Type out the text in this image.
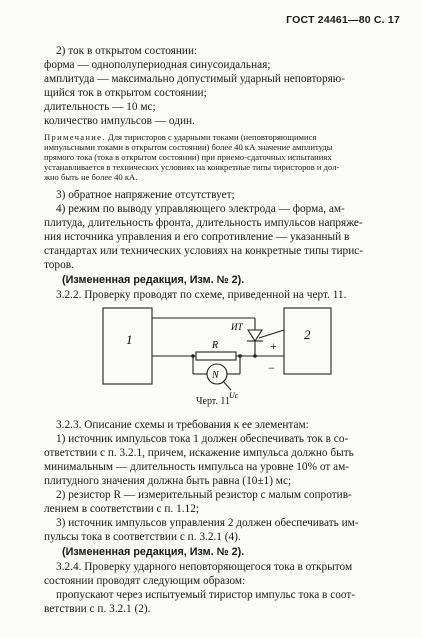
ГОСТ 24461—80 С. 17
2) ток в открытом состоянии:
форма — однополупериодная синусоидальная;
амплитуда — максимально допустимый ударный неповторяю-
щийся ток в открытом состоянии;
длительность — 10 мс;
количество импульсов — один.
Примечание. Для тиристоров с ударными токами (неповторяющимися
импульсными токами в открытом состоянии) более 40 кА значение амплитуды
прямого тока (тока в открытом состоянии) при приемо-сдаточных испытаниях
устанавливается в технических условиях на конкретные типы тиристоров и дол-
жно быть не более 40 кА.
3) обратное напряжение отсутствует;
4) режим по выводу управляющего электрода — форма, ам-
плитуда, длительность фронта, длительность импульсов напряже-
ния источника управления и его сопротивление — указанный в
стандартах или технических условиях на конкретные типы тирис-
торов.
(Измененная редакция, Изм. № 2).
3.2.2. Проверку проводят по схеме, приведенной на черт. 11.
1	2
ИТ
R	+
−
N
Uc
Черт. 11
3.2.3. Описание схемы и требования к ее элементам:
1) источник импульсов тока 1 должен обеспечивать ток в со-
ответствии с п. 3.2.1, причем, искажение импульса должно быть
минимальным — длительность импульса на уровне 10% от ам-
плитудного значения должна быть равна (10±1) мс;
2) резистор R — измерительный резистор с малым сопротив-
лением в соответствии с п. 1.12;
3) источник импульсов управления 2 должен обеспечивать им-
пульсы тока в соответствии с п. 3.2.1 (4).
(Измененная редакция, Изм. № 2).
3.2.4. Проверку ударного неповторяющегося тока в открытом
состоянии проводят следующим образом:
пропускают через испытуемый тиристор импульс тока в соот-
ветствии с п. 3.2.1 (2).
